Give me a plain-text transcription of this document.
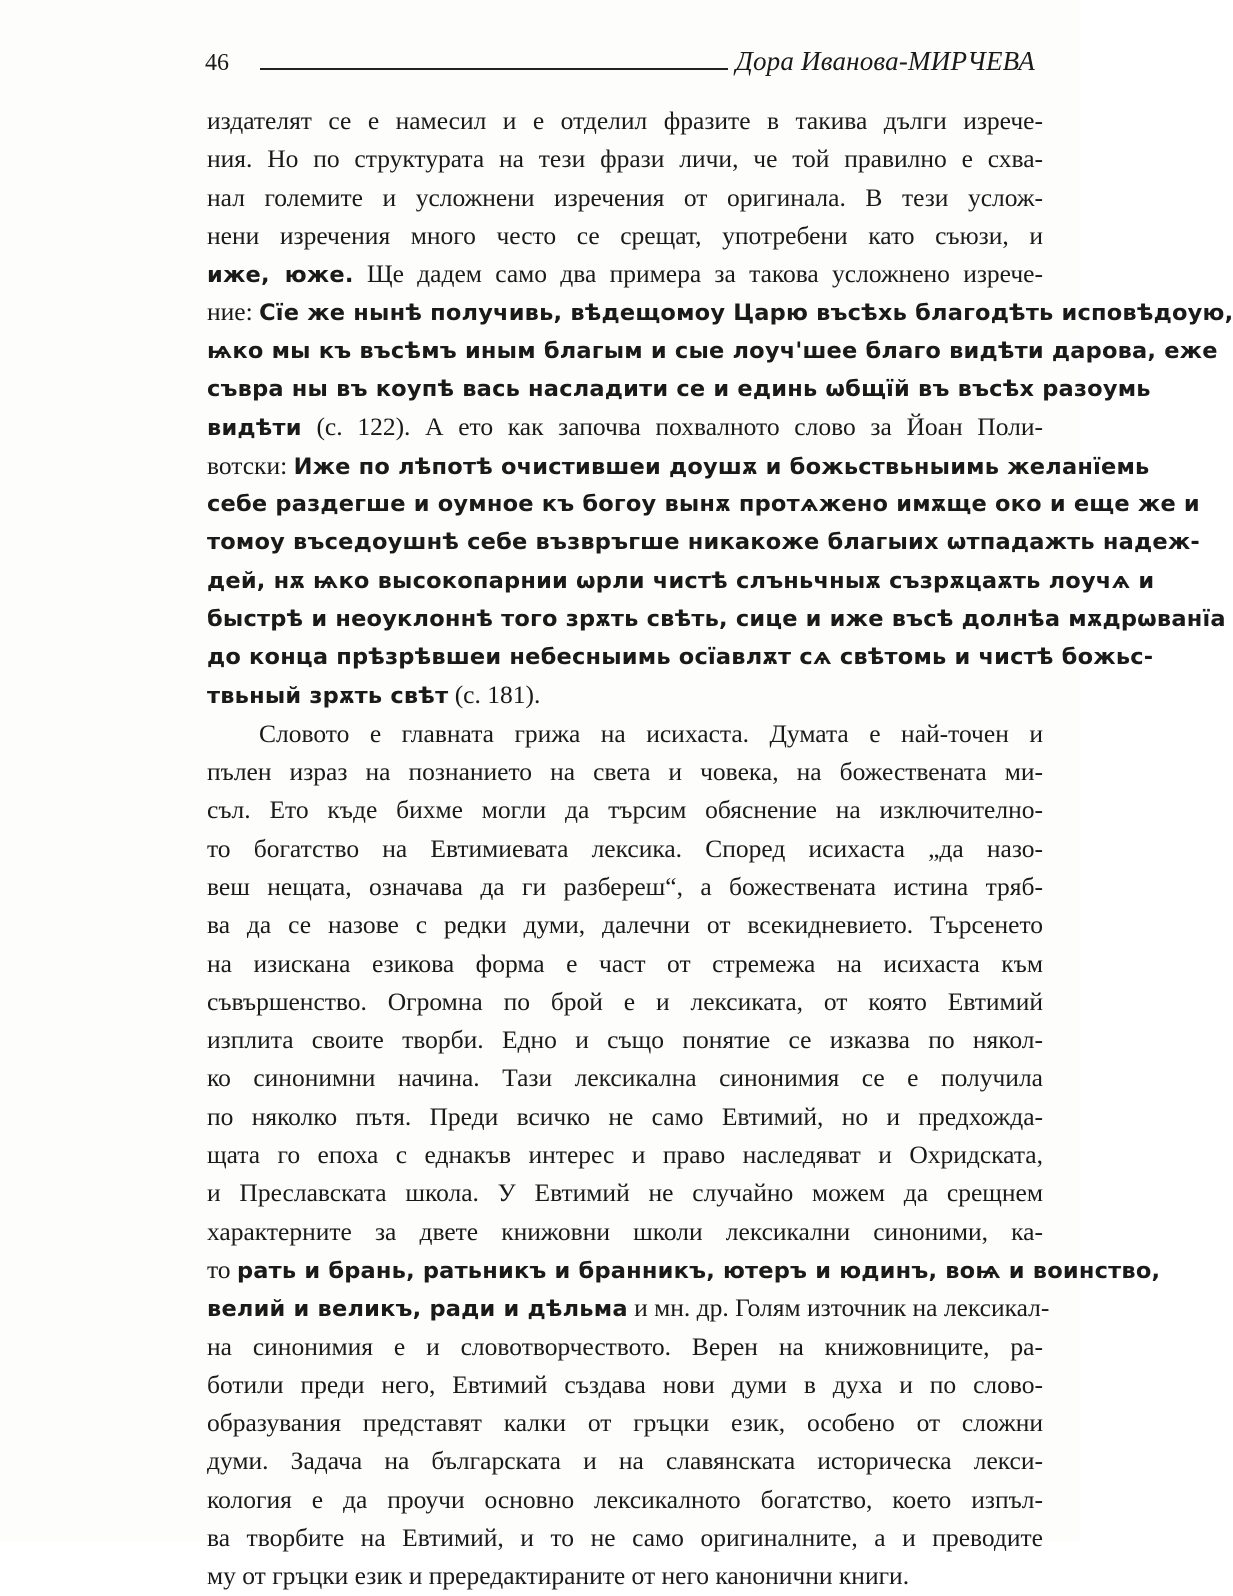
46	Дора Иванова-МИРЧЕВА
издателят се е намесил и е отделил фразите в такива дълги изрече-
ния. Но по структурата на тези фрази личи, че той правилно е схва-
нал големите и усложнени изречения от оригинала. В тези услож-
нени изречения много често се срещат, употребени като съюзи, и
иже, юже. Ще дадем само два примера за такова усложнено изрече-
ние: Сїе же нынѣ получивь, вѣдещомоу Царю въсѣхь благодѣть исповѣдоую,
ѩко мы къ въсѣмъ иным благым и сые лоуч'шее благо видѣти дарова, еже
съвра ны въ коупѣ вась насладити се и единь ѡбщїй въ въсѣх разоумь
видѣти (с. 122). А ето как започва похвалното слово за Йоан Поли-
вотски: Иже по лѣпотѣ очистившеи доушѫ и божьствьныимь желанїемь
себе раздегше и оумное къ богоу вынѫ протѧжено имѫще око и еще же и
томоу въседоушнѣ себе възвръгше никакоже благыих ѡтпадажть надеж-
дей, нѫ ѩко высокопарнии ѡрли чистѣ слъньчныѫ съзрѫцаѫть лоучѧ и
быстрѣ и неоуклоннѣ того зрѫть свѣть, сице и иже въсѣ долнѣа мѫдрѡванїа
до конца прѣзрѣвшеи небесныимь осїавлѫт сѧ свѣтомь и чистѣ божьс-
твьный зрѫть свѣт (с. 181).
Словото е главната грижа на исихаста. Думата е най-точен и
пълен израз на познанието на света и човека, на божествената ми-
съл. Ето къде бихме могли да търсим обяснение на изключително-
то богатство на Евтимиевата лексика. Според исихаста „да назо-
веш нещата, означава да ги разбереш“, а божествената истина тряб-
ва да се назове с редки думи, далечни от всекидневието. Търсенето
на изискана езикова форма е част от стремежа на исихаста към
съвършенство. Огромна по брой е и лексиката, от която Евтимий
изплита своите творби. Едно и също понятие се изказва по някол-
ко синонимни начина. Тази лексикална синонимия се е получила
по няколко пътя. Преди всичко не само Евтимий, но и предхожда-
щата го епоха с еднакъв интерес и право наследяват и Охридската,
и Преславската школа. У Евтимий не случайно можем да срещнем
характерните за двете книжовни школи лексикални синоними, ка-
то рать и брань, ратьникъ и бранникъ, ютеръ и юдинъ, воѩ и воинство,
велий и великъ, ради и дѣльма и мн. др. Голям източник на лексикал-
на синонимия е и словотворчеството. Верен на книжовниците, ра-
ботили преди него, Евтимий създава нови думи в духа и по слово-
образувания представят калки от гръцки език, особено от сложни
думи. Задача на българската и на славянската историческа лекси-
кология е да проучи основно лексикалното богатство, което изпъл-
ва творбите на Евтимий, и то не само оригиналните, а и преводите
му от гръцки език и прередактираните от него канонични книги.
